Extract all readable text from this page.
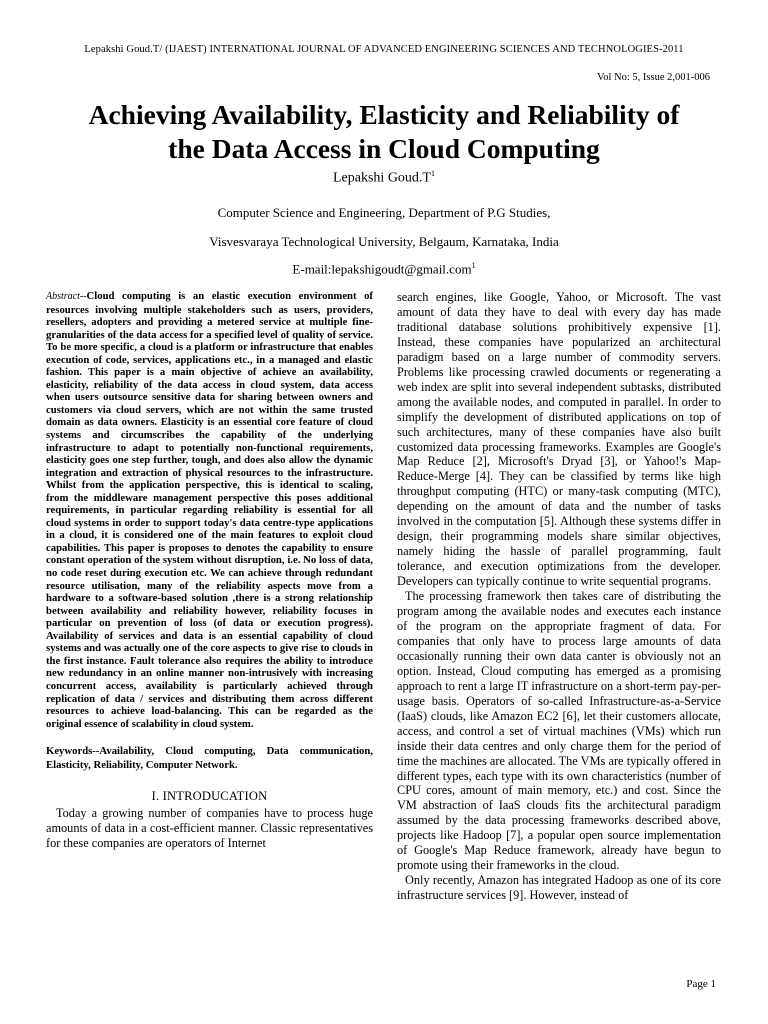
Lepakshi Goud.T/ (IJAEST) INTERNATIONAL JOURNAL OF ADVANCED ENGINEERING SCIENCES AND TECHNOLOGIES-2011
Vol No: 5, Issue 2,001-006
Achieving Availability, Elasticity and Reliability of
the Data Access in Cloud Computing
Lepakshi $Goud.T^1$
Computer Science and Engineering, Department of P.G Studies,
Visvesvaraya Technological University, Belgaum, Karnataka, India
E-mail:lepakshigoudt@gmail.com$^1$
Abstract--Cloud computing is an elastic execution environment of resources involving multiple stakeholders such as users, providers, resellers, adopters and providing a metered service at multiple fine-granularities of the data access for a specified level of quality of service. To be more specific, a cloud is a platform or infrastructure that enables execution of code, services, applications etc., in a managed and elastic fashion. This paper is a main objective of achieve an availability, elasticity, reliability of the data access in cloud system, data access when users outsource sensitive data for sharing between owners and customers via cloud servers, which are not within the same trusted domain as data owners. Elasticity is an essential core feature of cloud systems and circumscribes the capability of the underlying infrastructure to adapt to potentially non-functional requirements, elasticity goes one step further, tough, and does also allow the dynamic integration and extraction of physical resources to the infrastructure. Whilst from the application perspective, this is identical to scaling, from the middleware management perspective this poses additional requirements, in particular regarding reliability is essential for all cloud systems in order to support today's data centre-type applications in a cloud, it is considered one of the main features to exploit cloud capabilities. This paper is proposes to denotes the capability to ensure constant operation of the system without disruption, i.e. No loss of data, no code reset during execution etc. We can achieve through redundant resource utilisation, many of the reliability aspects move from a hardware to a software-based solution ,there is a strong relationship between availability and reliability however, reliability focuses in particular on prevention of loss (of data or execution progress). Availability of services and data is an essential capability of cloud systems and was actually one of the core aspects to give rise to clouds in the first instance. Fault tolerance also requires the ability to introduce new redundancy in an online manner non-intrusively with increasing concurrent access, availability is particularly achieved through replication of data / services and distributing them across different resources to achieve load-balancing. This can be regarded as the original essence of scalability in cloud system.
Keywords--Availability, Cloud computing, Data communication, Elasticity, Reliability, Computer Network.
I. INTRODUCATION
Today a growing number of companies have to process huge amounts of data in a cost-efficient manner. Classic representatives for these companies are operators of Internet

search engines, like Google, Yahoo, or Microsoft. The vast amount of data they have to deal with every day has made traditional database solutions prohibitively expensive [1]. Instead, these companies have popularized an architectural paradigm based on a large number of commodity servers. Problems like processing crawled documents or regenerating a web index are split into several independent subtasks, distributed among the available nodes, and computed in parallel. In order to simplify the development of distributed applications on top of such architectures, many of these companies have also built customized data processing frameworks. Examples are Google's Map Reduce [2], Microsoft's Dryad [3], or Yahoo!'s Map-Reduce-Merge [4]. They can be classified by terms like high throughput computing (HTC) or many-task computing (MTC), depending on the amount of data and the number of tasks involved in the computation [5]. Although these systems differ in design, their programming models share similar objectives, namely hiding the hassle of parallel programming, fault tolerance, and execution optimizations from the developer. Developers can typically continue to write sequential programs.

The processing framework then takes care of distributing the program among the available nodes and executes each instance of the program on the appropriate fragment of data. For companies that only have to process large amounts of data occasionally running their own data canter is obviously not an option. Instead, Cloud computing has emerged as a promising approach to rent a large IT infrastructure on a short-term pay-per-usage basis. Operators of so-called Infrastructure-as-a-Service (IaaS) clouds, like Amazon EC2 [6], let their customers allocate, access, and control a set of virtual machines (VMs) which run inside their data centres and only charge them for the period of time the machines are allocated. The VMs are typically offered in different types, each type with its own characteristics (number of CPU cores, amount of main memory, etc.) and cost. Since the VM abstraction of IaaS clouds fits the architectural paradigm assumed by the data processing frameworks described above, projects like Hadoop [7], a popular open source implementation of Google's Map Reduce framework, already have begun to promote using their frameworks in the cloud.

Only recently, Amazon has integrated Hadoop as one of its core infrastructure services [9]. However, instead of

Page 1
